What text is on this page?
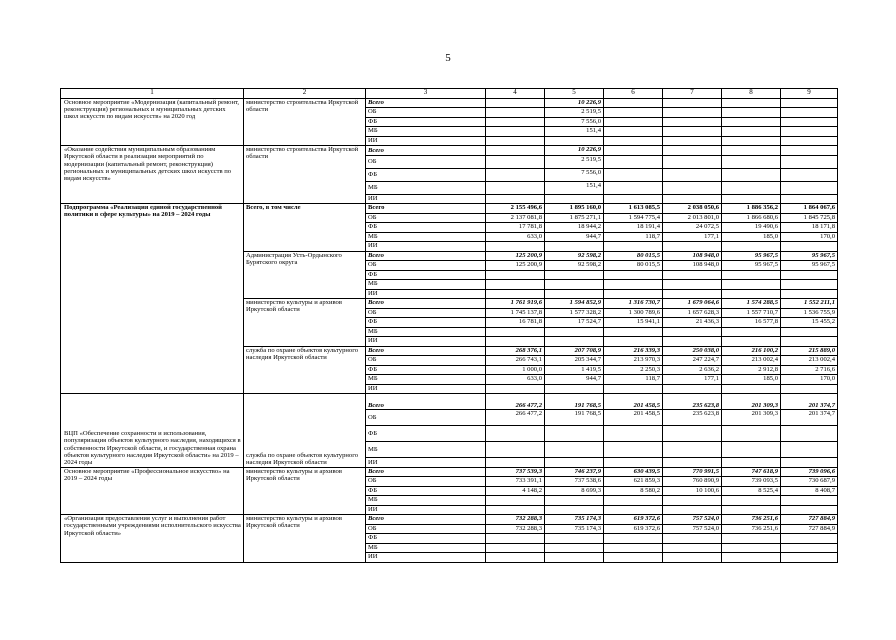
5
1	2	3	4	5	6	7	8	9
Основное мероприятие «Модернизация (капитальный ремонт, реконструкция) региональных и муниципальных детских школ искусств по видам искусств» на 2020 год	министерство строительства Иркутской области	Всего		10 226,9				
		ОБ		2 519,5				
		ФБ		7 556,0				
		МБ		151,4				
		ИИ						
«Оказание содействия муниципальным образованиям Иркутской области в реализации мероприятий по модернизации (капитальный ремонт, реконструкция) региональных и муниципальных детских школ искусств по видам искусств»	министерство строительства Иркутской области	Всего		10 226,9				
		ОБ		2 519,5				
		ФБ		7 556,0				
		МБ		151,4				
		ИИ						
Подпрограмма «Реализация единой государственной политики в сфере культуры» на 2019 – 2024 годы	Всего, в том числе	Всего	2 155 496,6	1 895 160,0	1 613 085,5	2 038 050,6	1 886 356,2	1 864 067,6
		ОБ	2 137 081,8	1 875 271,1	1 594 775,4	2 013 801,0	1 866 680,6	1 845 725,8
		ФБ	17 781,8	18 944,2	18 191,4	24 072,5	19 490,6	18 171,8
		МБ	633,0	944,7	118,7	177,1	185,0	170,0
		ИИ						
	Администрация Усть-Ордынского Бурятского округа	Всего	125 200,9	92 598,2	80 015,5	108 948,0	95 967,5	95 967,5
		ОБ	125 200,9	92 598,2	80 015,5	108 948,0	95 967,5	95 967,5
		ФБ						
		МБ						
		ИИ						
	министерство культуры и архивов Иркутской области	Всего	1 761 919,6	1 594 852,9	1 316 730,7	1 679 064,6	1 574 288,5	1 552 211,1
		ОБ	1 745 137,8	1 577 328,2	1 300 789,6	1 657 628,3	1 557 710,7	1 536 755,9
		ФБ	16 781,8	17 524,7	15 941,1	21 436,3	16 577,8	15 455,2
		МБ						
		ИИ						
	служба по охране объектов культурного наследия Иркутской области	Всего	268 376,1	207 708,9	216 339,3	250 038,0	216 100,2	215 889,0
		ОБ	266 743,1	205 344,7	213 970,3	247 224,7	213 002,4	213 002,4
		ФБ	1 000,0	1 419,5	2 250,3	2 636,2	2 912,8	2 716,6
		МБ	633,0	944,7	118,7	177,1	185,0	170,0
		ИИ						
ВЦП «Обеспечение сохранности и использования, популяризация объектов культурного наследия, находящихся в собственности Иркутской области, и государственная охрана объектов культурного наследия Иркутской области» на 2019 – 2024 годы	служба по охране объектов культурного наследия Иркутской области	Всего	266 477,2	191 768,5	201 458,5	235 623,8	201 309,3	201 374,7
		ОБ	266 477,2	191 768,5	201 458,5	235 623,8	201 309,3	201 374,7
		ФБ						
		МБ						
		ИИ						
Основное мероприятие «Профессиональное искусство» на 2019 – 2024 годы	министерство культуры и архивов Иркутской области	Всего	737 539,3	746 237,9	630 439,5	770 991,5	747 618,9	739 096,6
		ОБ	733 391,1	737 538,6	621 859,3	760 890,9	739 093,5	730 687,9
		ФБ	4 148,2	8 699,3	8 580,2	10 100,6	8 525,4	8 408,7
		МБ						
		ИИ						
«Организация предоставления услуг и выполнения работ государственными учреждениями исполнительского искусства Иркутской области»	министерство культуры и архивов Иркутской области	Всего	732 288,3	735 174,3	619 372,6	757 524,0	736 251,6	727 884,9
		ОБ	732 288,3	735 174,3	619 372,6	757 524,0	736 251,6	727 884,9
		ФБ						
		МБ						
		ИИ						
